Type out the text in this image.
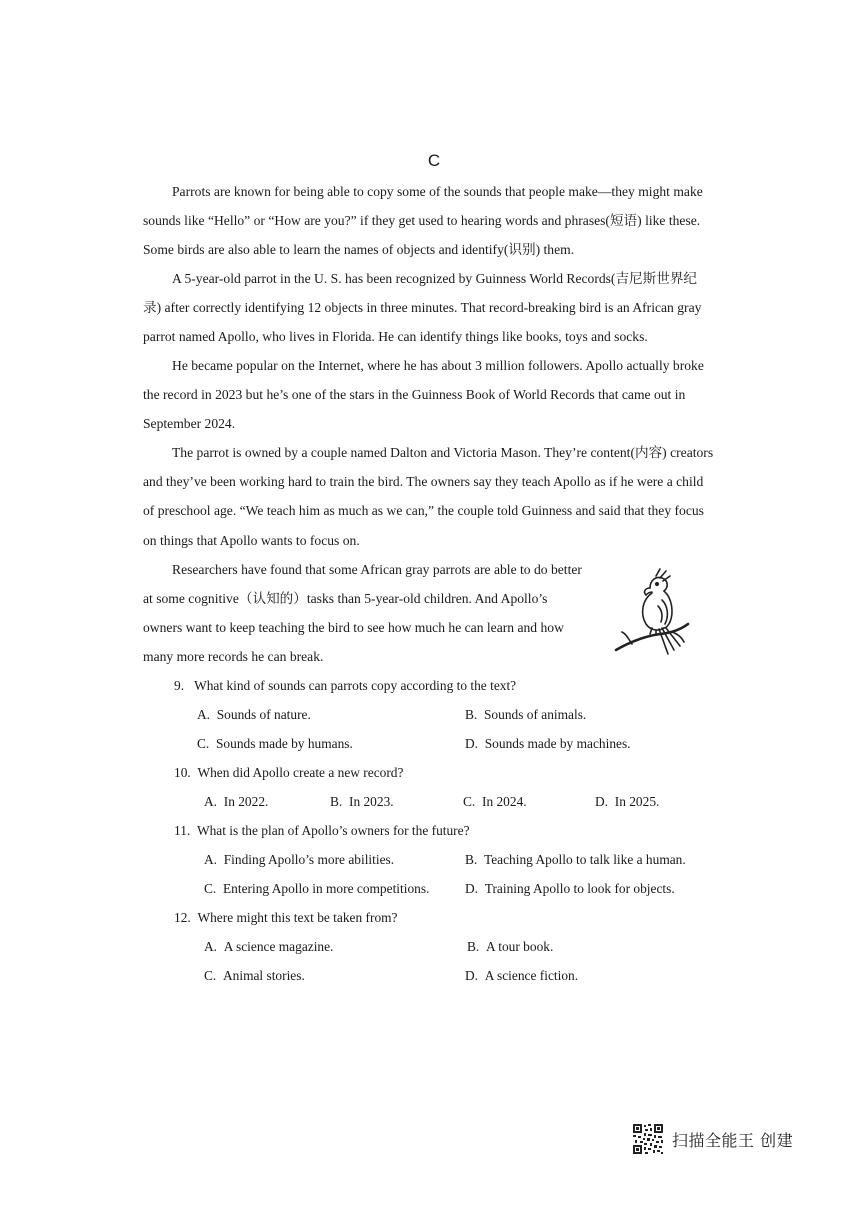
C
Parrots are known for being able to copy some of the sounds that people make—they might make
sounds like “Hello” or “How are you?” if they get used to hearing words and phrases(短语) like these.
Some birds are also able to learn the names of objects and identify(识别) them.
A 5-year-old parrot in the U. S. has been recognized by Guinness World Records(吉尼斯世界纪
录) after correctly identifying 12 objects in three minutes. That record-breaking bird is an African gray
parrot named Apollo, who lives in Florida. He can identify things like books, toys and socks.
He became popular on the Internet, where he has about 3 million followers. Apollo actually broke
the record in 2023 but he’s one of the stars in the Guinness Book of World Records that came out in
September 2024.
The parrot is owned by a couple named Dalton and Victoria Mason. They’re content(内容) creators
and they’ve been working hard to train the bird. The owners say they teach Apollo as if he were a child
of preschool age. “We teach him as much as we can,” the couple told Guinness and said that they focus
on things that Apollo wants to focus on.
Researchers have found that some African gray parrots are able to do better
at some cognitive（认知的）tasks than 5-year-old children. And Apollo’s
owners want to keep teaching the bird to see how much he can learn and how
many more records he can break.
9. What kind of sounds can parrots copy according to the text?
A. Sounds of nature.	B. Sounds of animals.
C. Sounds made by humans.	D. Sounds made by machines.
10. When did Apollo create a new record?
A. In 2022.	B. In 2023.	C. In 2024.	D. In 2025.
11. What is the plan of Apollo’s owners for the future?
A. Finding Apollo’s more abilities.	B. Teaching Apollo to talk like a human.
C. Entering Apollo in more competitions.	D. Training Apollo to look for objects.
12. Where might this text be taken from?
A. A science magazine.	B. A tour book.
C. Animal stories.	D. A science fiction.
扫描全能王 创建
